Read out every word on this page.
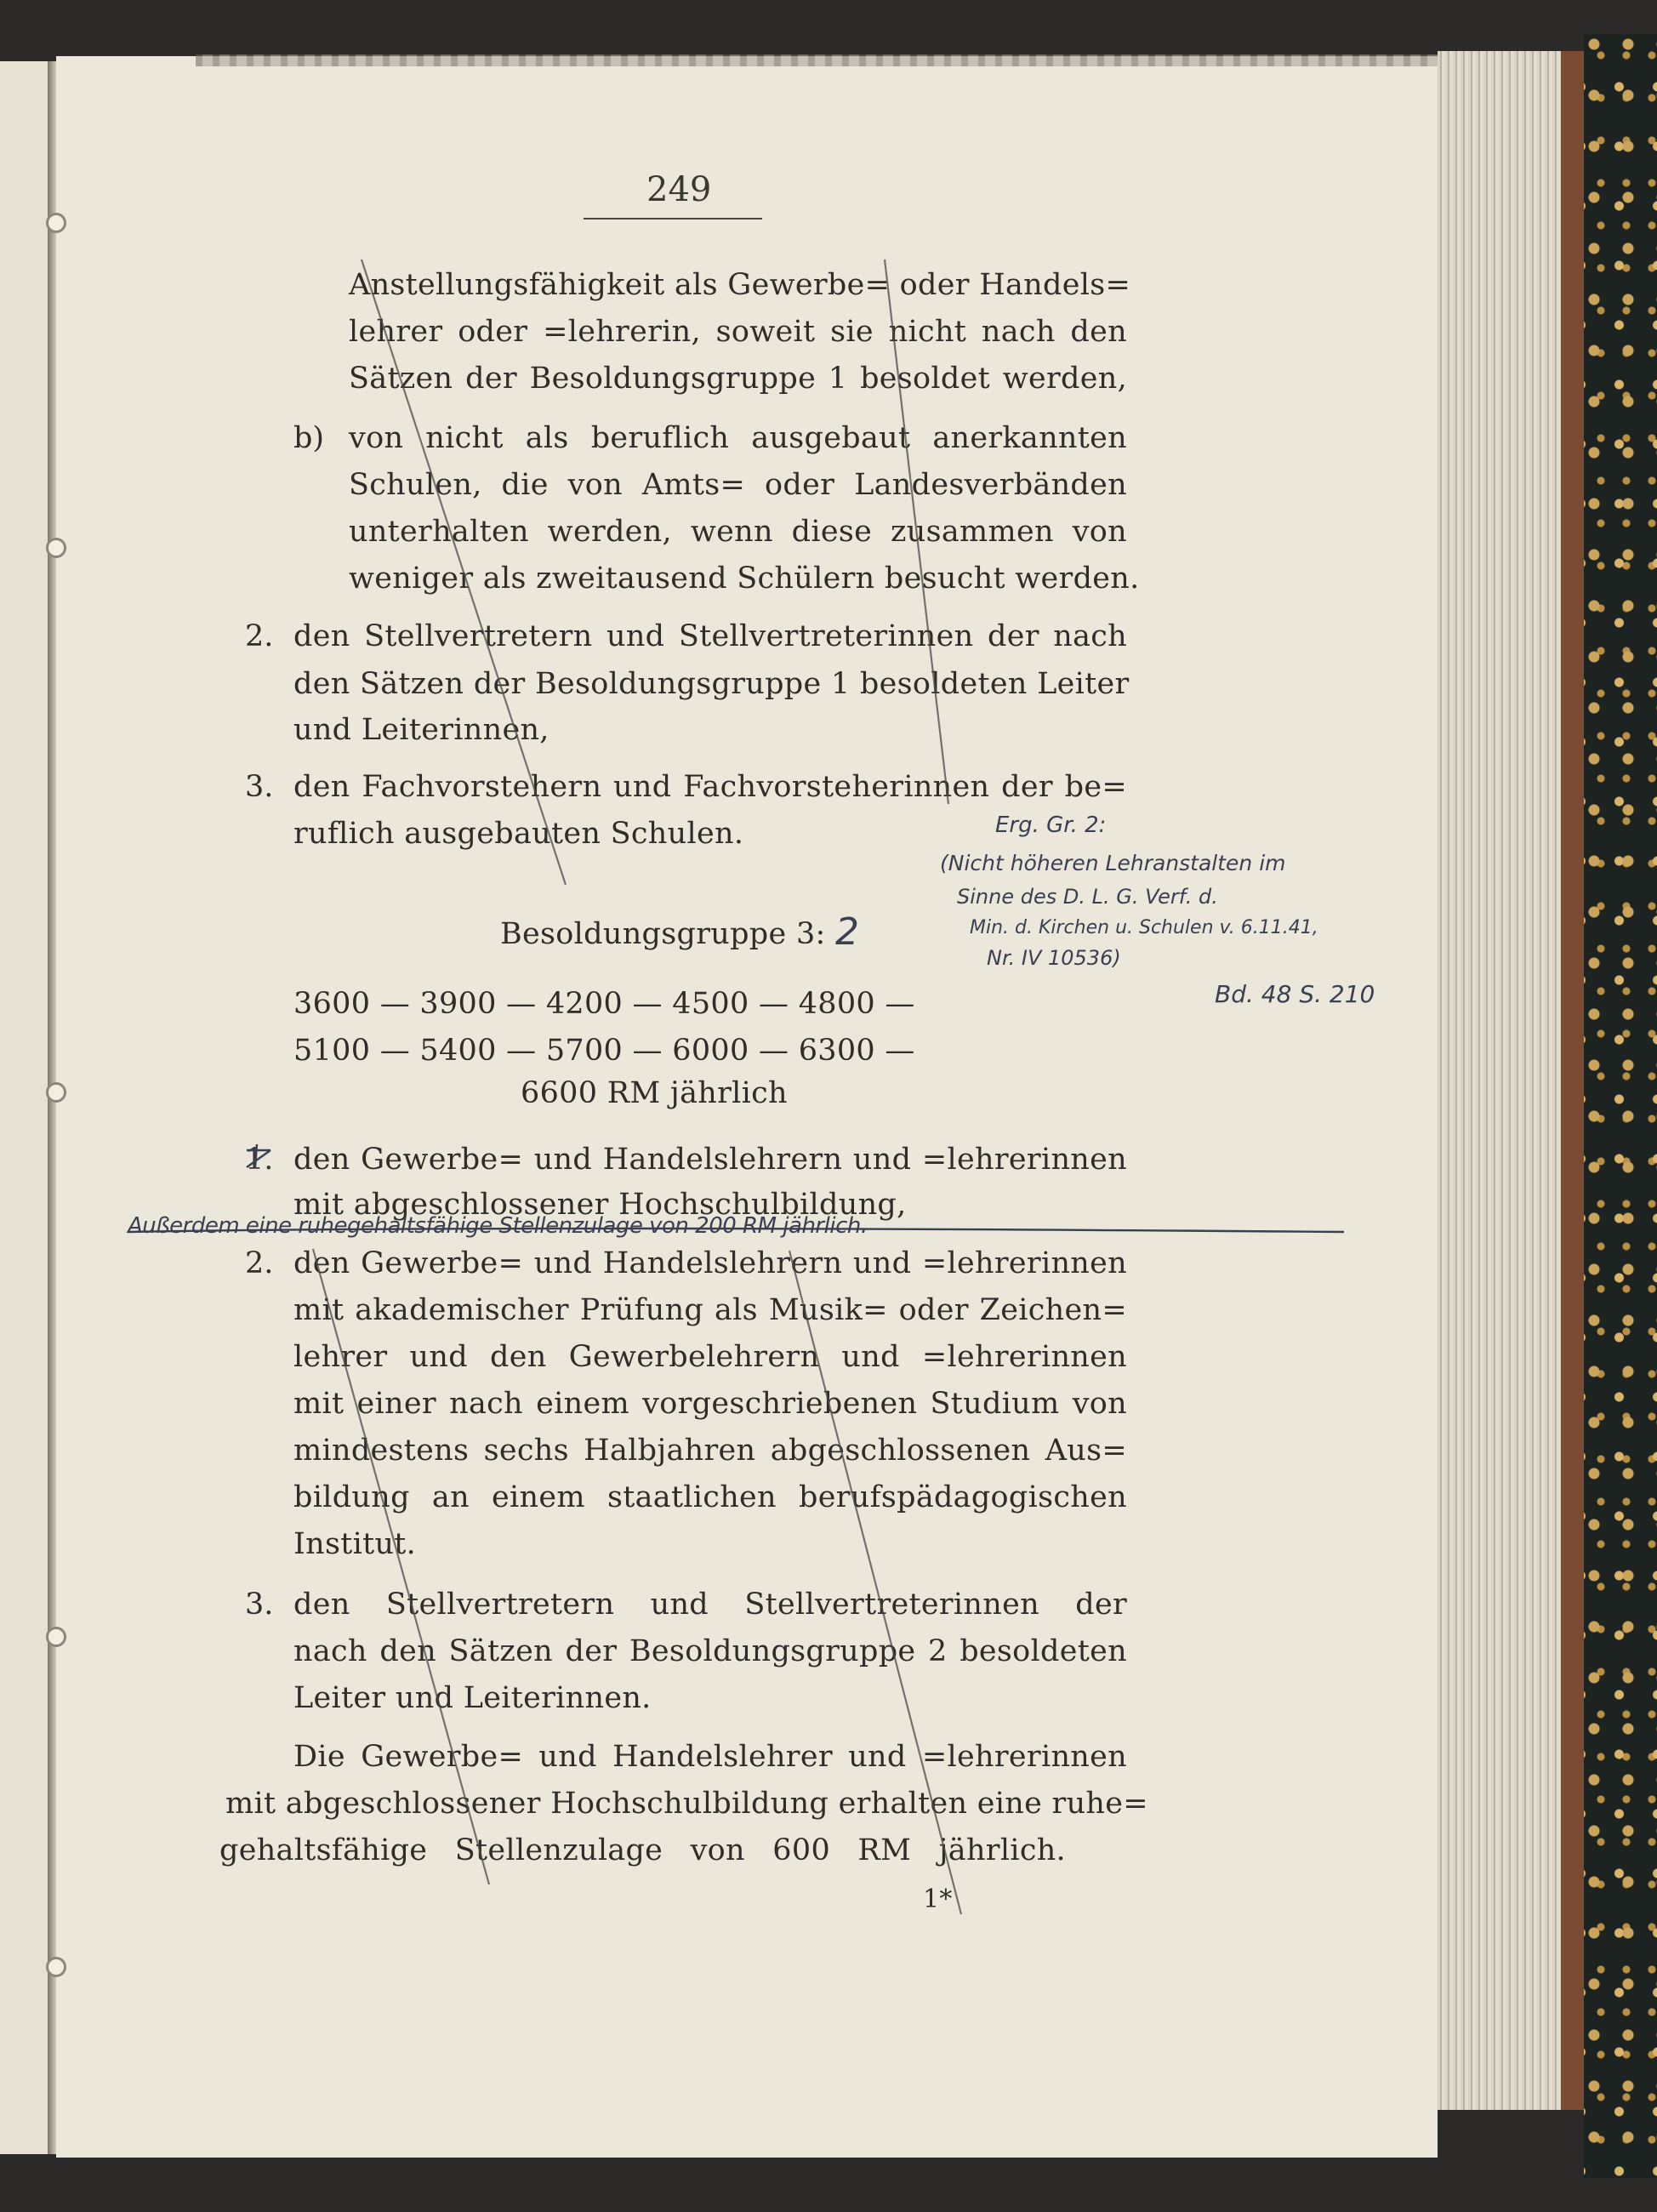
249
Anstellungsfähigkeit als Gewerbe= oder Handels=
lehrer oder =lehrerin, soweit sie nicht nach den
Sätzen der Besoldungsgruppe 1 besoldet werden,
b) von nicht als beruflich ausgebaut anerkannten
Schulen, die von Amts= oder Landesverbänden
unterhalten werden, wenn diese zusammen von
weniger als zweitausend Schülern besucht werden.
2. den Stellvertretern und Stellvertreterinnen der nach
den Sätzen der Besoldungsgruppe 1 besoldeten Leiter
und Leiterinnen,
3. den Fachvorstehern und Fachvorsteherinnen der be=
ruflich ausgebauten Schulen.
Besoldungsgruppe 3:
3600 — 3900 — 4200 — 4500 — 4800 —
5100 — 5400 — 5700 — 6000 — 6300 —
6600 RM jährlich
1. den Gewerbe= und Handelslehrern und =lehrerinnen
mit abgeschlossener Hochschulbildung,
2. den Gewerbe= und Handelslehrern und =lehrerinnen
mit akademischer Prüfung als Musik= oder Zeichen=
lehrer und den Gewerbelehrern und =lehrerinnen
mit einer nach einem vorgeschriebenen Studium von
mindestens sechs Halbjahren abgeschlossenen Aus=
bildung an einem staatlichen berufspädagogischen
Institut.
3. den Stellvertretern und Stellvertreterinnen der
nach den Sätzen der Besoldungsgruppe 2 besoldeten
Leiter und Leiterinnen.
Die Gewerbe= und Handelslehrer und =lehrerinnen
mit abgeschlossener Hochschulbildung erhalten eine ruhe=
gehaltsfähige Stellenzulage von 600 RM jährlich.
1*
2
Erg. Gr. 2:
(Nicht höheren Lehranstalten im
Sinne des D. L. G. Verf. d.
Min. d. Kirchen u. Schulen v. 6.11.41,
Nr. IV 10536)
Bd. 48 S. 210
Außerdem eine ruhegehaltsfähige Stellenzulage von 200 RM jährlich.
